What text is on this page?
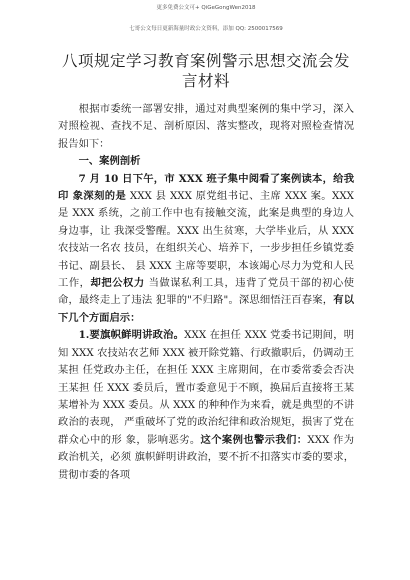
更多免费公文可+ QiGeGongWen2018
七哥公文每日更新海量时政公文资料，添加 QQ: 2500017569
八项规定学习教育案例警示思想交流会发言材料

根据市委统一部署安排，通过对典型案例的集中学习，深入对照检视、查找不足、剖析原因、落实整改，现将对照检查情况报告如下：

一、案例剖析

7 月 10 日下午，市 XXX 班子集中阅看了案例读本，给我印 象深刻的是 XXX 县 XXX 原党组书记、主席 XXX 案。XXX 是 XXX 系统，之前工作中也有接触交流，此案是典型的身边人身边事，让 我深受警醒。XXX 出生贫寒，大学毕业后，从 XXX 农技站一名农 技员，在组织关心、培养下，一步步担任乡镇党委书记、副县长、 县 XXX 主席等要职，本该竭心尽力为党和人民工作，却把公权力 当做谋私利工具，违背了党员干部的初心使命，最终走上了违法 犯罪的"不归路"。深思细悟汪百春案，有以下几个方面启示：

1.要旗帜鲜明讲政治。XXX 在担任 XXX 党委书记期间，明知 XXX 农技站农艺师 XXX 被开除党籍、行政撤职后，仍调动王某担 任党政办主任，在担任 XXX 主席期间，在市委常委会否决王某担 任 XXX 委员后，置市委意见于不顾，换届后直接将王某某增补为 XXX 委员。从 XXX 的种种作为来看，就是典型的不讲政治的表现， 严重破坏了党的政治纪律和政治规矩，损害了党在群众心中的形 象，影响恶劣。这个案例也警示我们：XXX 作为政治机关，必须 旗帜鲜明讲政治，要不折不扣落实市委的要求，贯彻市委的各项
